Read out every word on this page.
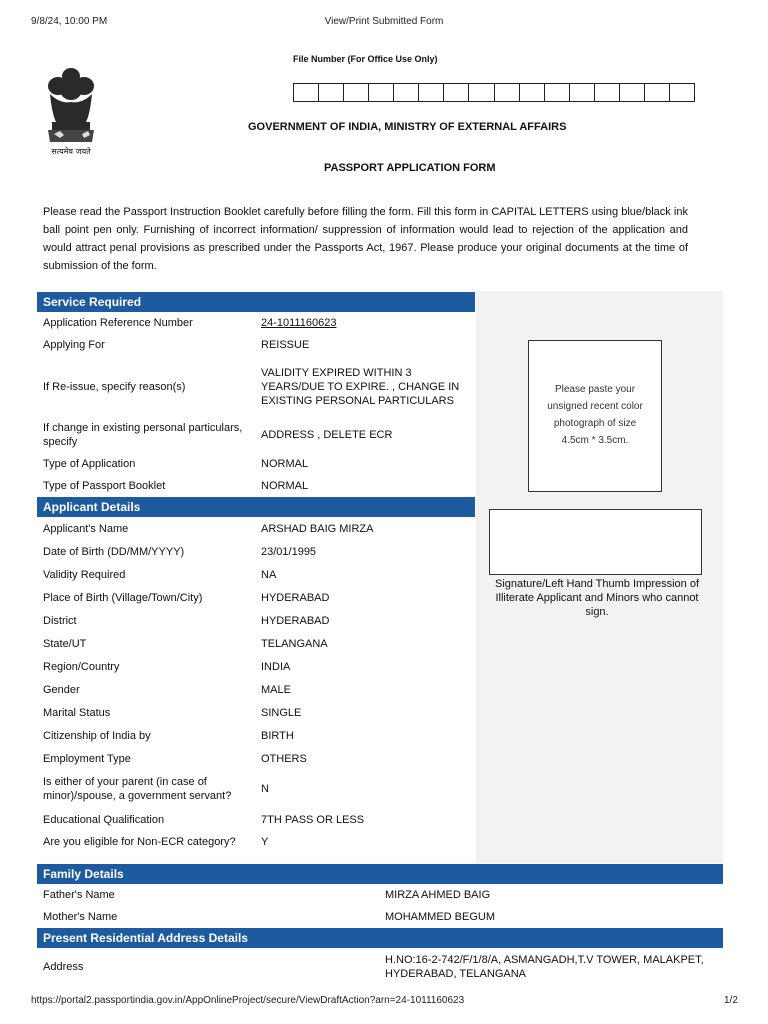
9/8/24, 10:00 PM	View/Print Submitted Form
https://portal2.passportindia.gov.in/AppOnlineProject/secure/ViewDraftAction?arn=24-1011160623	1/2
सत्यमेव जयते
File Number (For Office Use Only)
GOVERNMENT OF INDIA, MINISTRY OF EXTERNAL AFFAIRS
PASSPORT APPLICATION FORM
Please read the Passport Instruction Booklet carefully before filling the form. Fill this form in CAPITAL LETTERS using blue/black ink ball point pen only. Furnishing of incorrect information/ suppression of information would lead to rejection of the application and would attract penal provisions as prescribed under the Passports Act, 1967. Please produce your original documents at the time of submission of the form.
Please paste your unsigned recent color photograph of size 4.5cm * 3.5cm.
Signature/Left Hand Thumb Impression of Illiterate Applicant and Minors who cannot sign.
Service Required	
Application Reference Number	24-1011160623
Applying For	REISSUE
If Re-issue, specify reason(s)	VALIDITY EXPIRED WITHIN 3 YEARS/DUE TO EXPIRE. , CHANGE IN EXISTING PERSONAL PARTICULARS
If change in existing personal particulars, specify	ADDRESS , DELETE ECR
Type of Application	NORMAL
Type of Passport Booklet	NORMAL
Applicant Details	
Applicant's Name	ARSHAD BAIG MIRZA
Date of Birth (DD/MM/YYYY)	23/01/1995
Validity Required	NA
Place of Birth (Village/Town/City)	HYDERABAD
District	HYDERABAD
State/UT	TELANGANA
Region/Country	INDIA
Gender	MALE
Marital Status	SINGLE
Citizenship of India by	BIRTH
Employment Type	OTHERS
Is either of your parent (in case of minor)/spouse, a government servant?	N
Educational Qualification	7TH PASS OR LESS
Are you eligible for Non-ECR category?	Y
Family Details	
Father's Name	MIRZA AHMED BAIG
Mother's Name	MOHAMMED BEGUM
Present Residential Address Details	
Address	H.NO:16-2-742/F/1/8/A, ASMANGADH,T.V TOWER, MALAKPET, HYDERABAD, TELANGANA
